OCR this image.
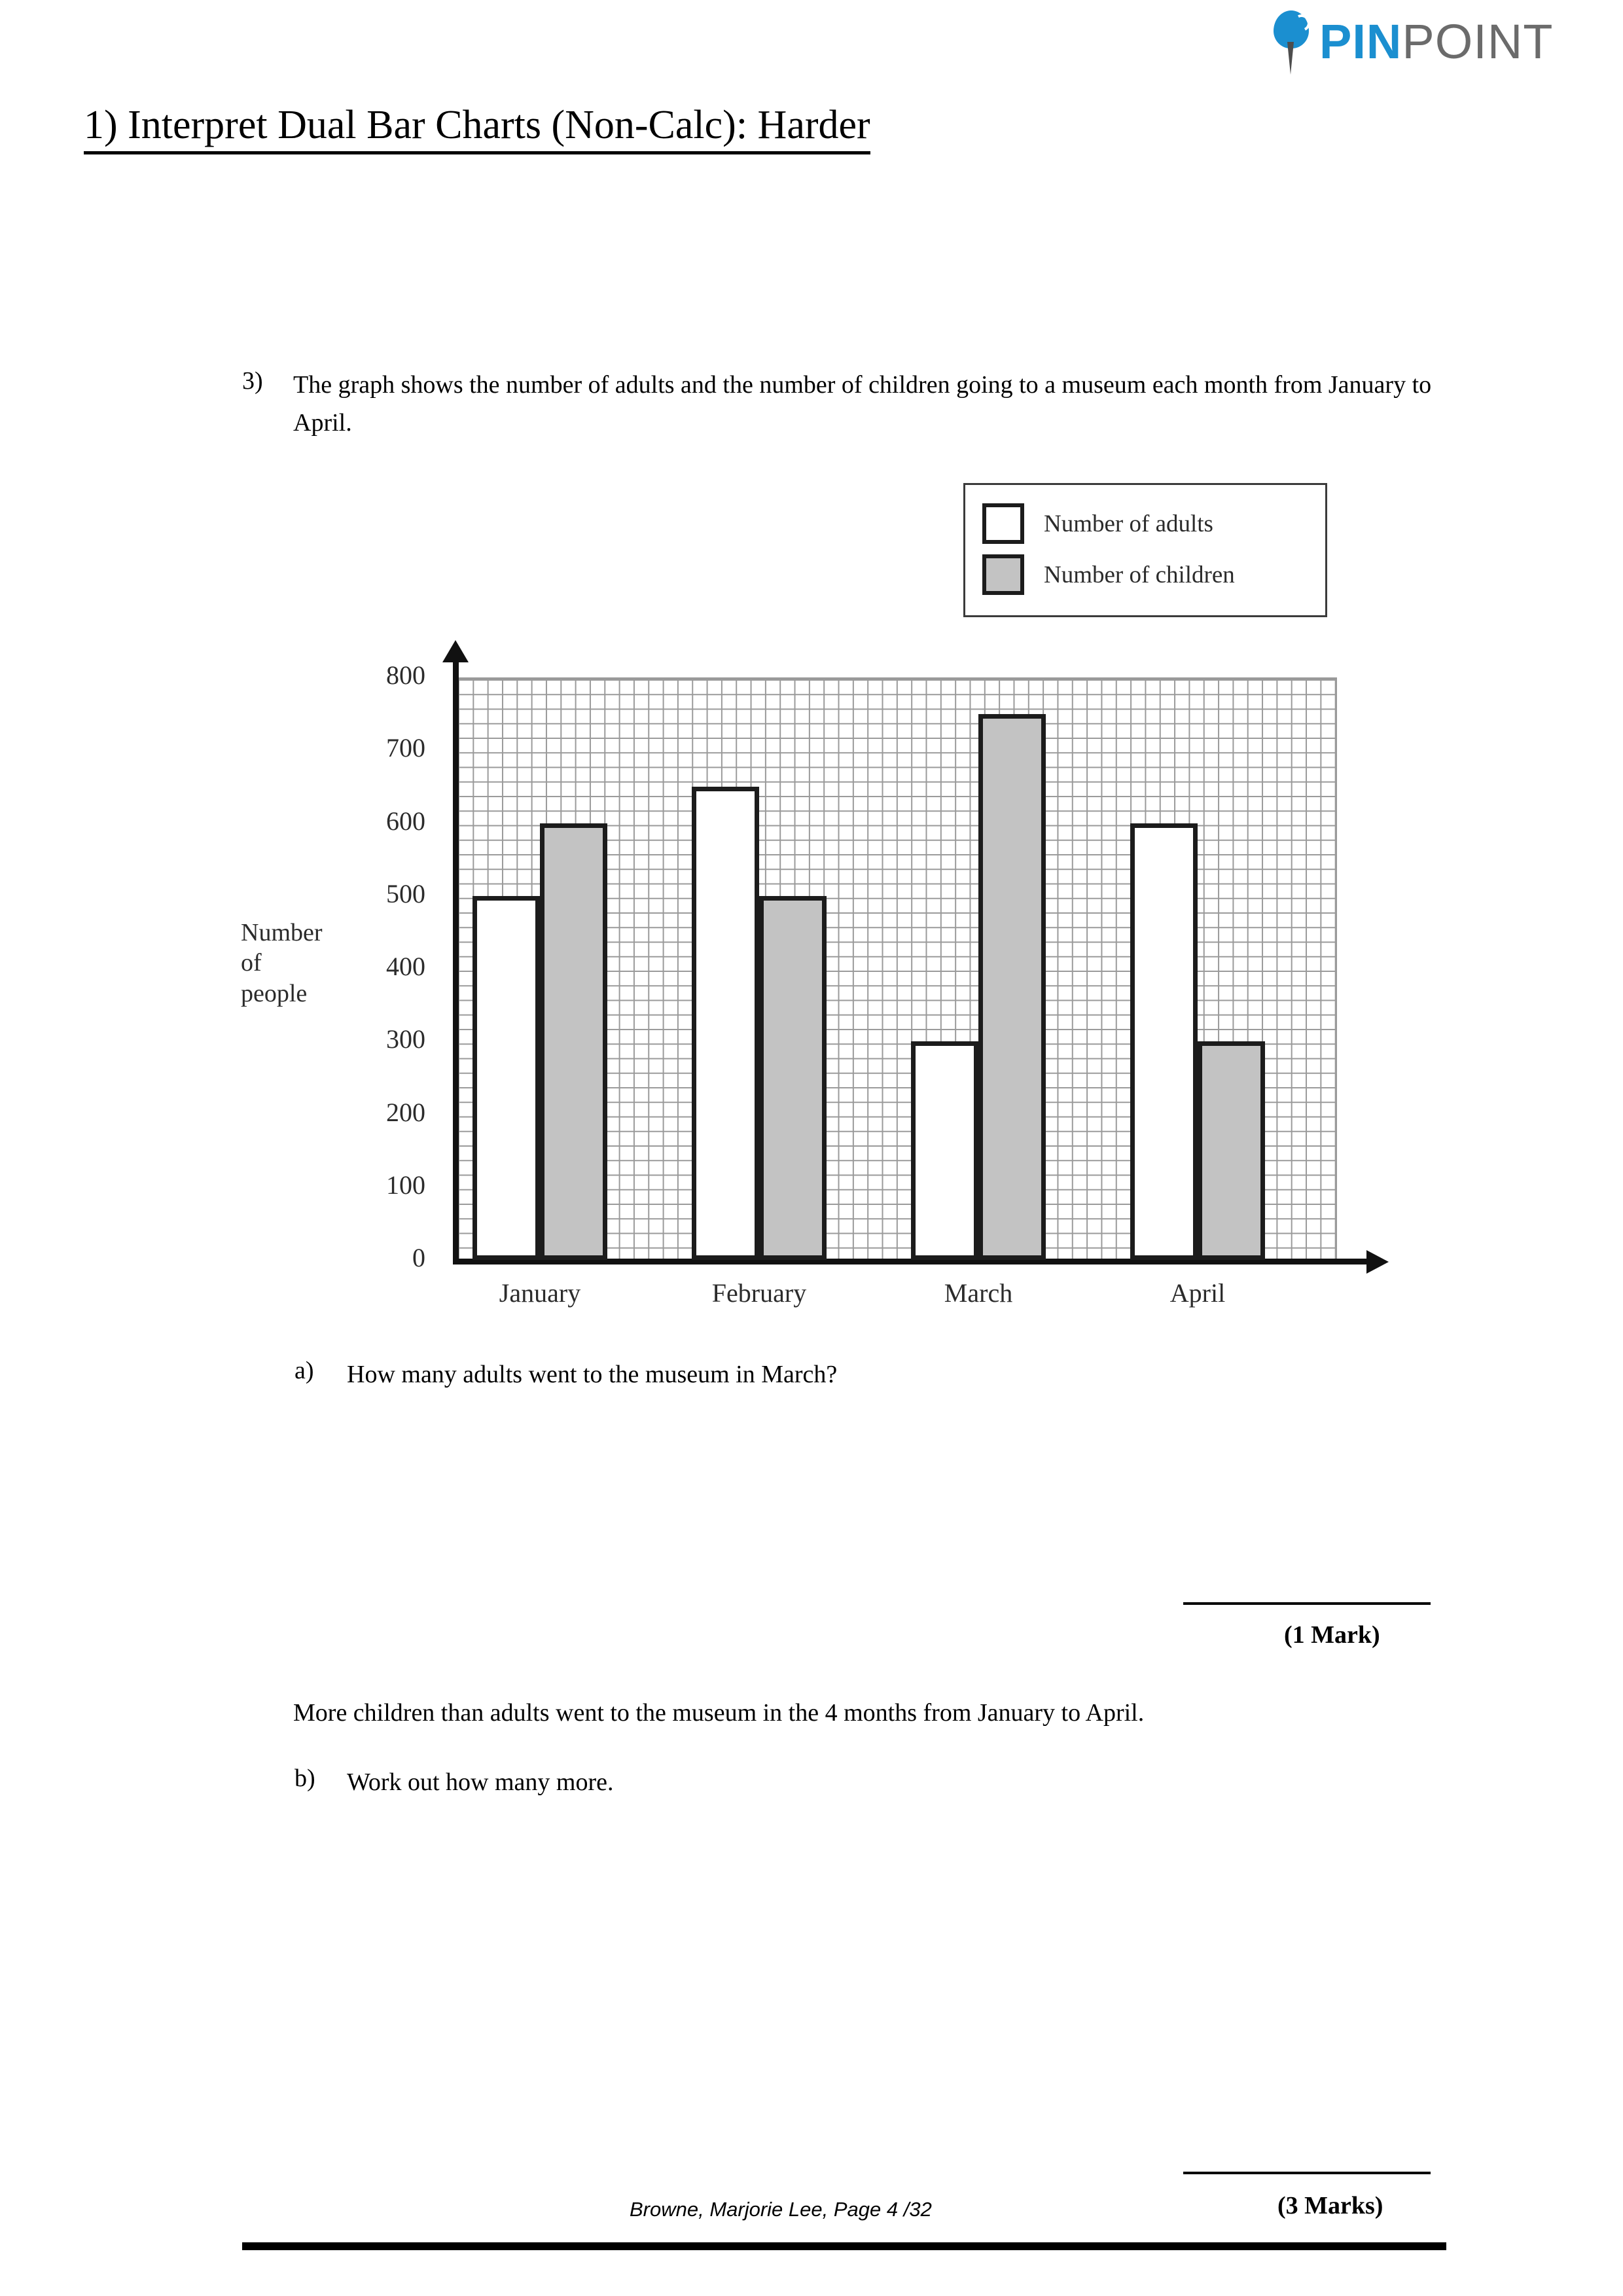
PINPOINT
1) Interpret Dual Bar Charts (Non-Calc): Harder
3) The graph shows the number of adults and the number of children going to a museum each month from January to April.
Number of adults
Number of children
Number
of
people
0
100
200
300
400
500
600
700
800
January	February	March	April
a) How many adults went to the museum in March?
(1 Mark)
More children than adults went to the museum in the 4 months from January to April.
b) Work out how many more.
(3 Marks)
Browne, Marjorie Lee, Page 4 /32
